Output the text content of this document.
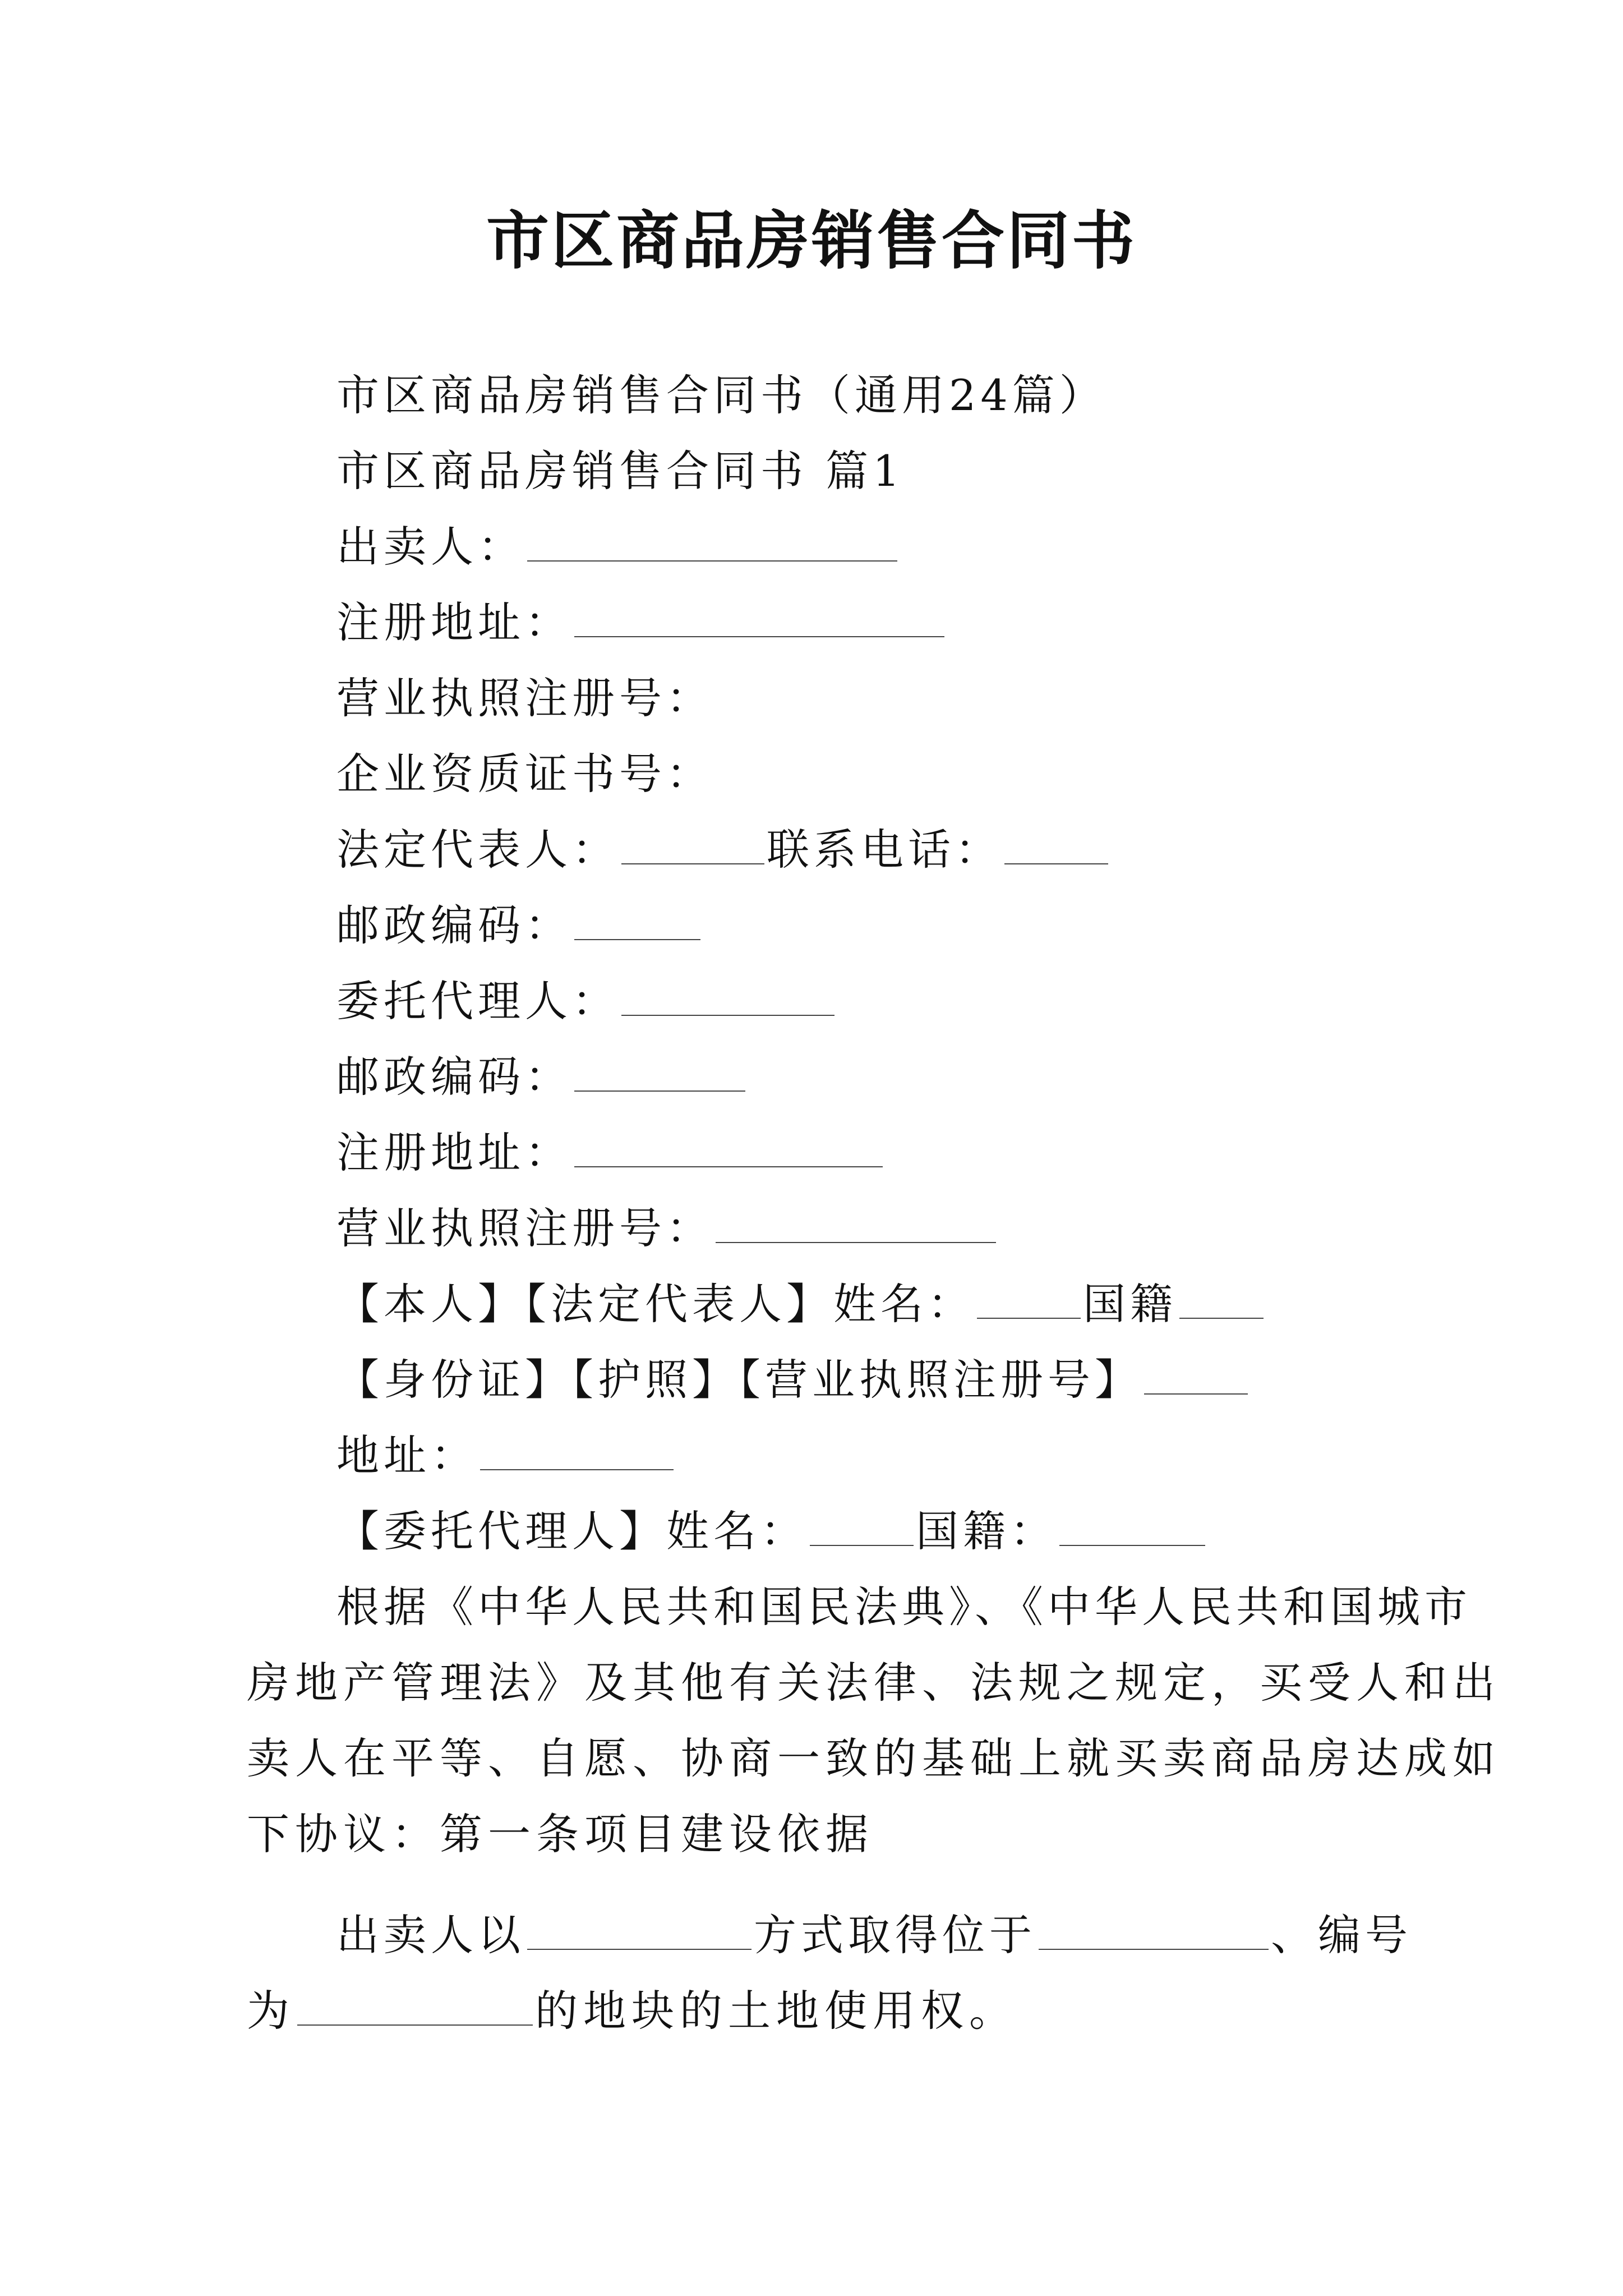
市区商品房销售合同书
市区商品房销售合同书（通用24篇）
市区商品房销售合同书 篇1
出卖人：
注册地址：
营业执照注册号：
企业资质证书号：
法定代表人：	联系电话：
邮政编码：
委托代理人：
邮政编码：
注册地址：
营业执照注册号：
【本人】【法定代表人】姓名：	国籍
【身份证】【护照】【营业执照注册号】
地址：
【委托代理人】姓名：	国籍：
根据《中华人民共和国民法典》、《中华人民共和国城市
房地产管理法》及其他有关法律、法规之规定，买受人和出
卖人在平等、自愿、协商一致的基础上就买卖商品房达成如
下协议：第一条项目建设依据
出卖人以	方式取得位于	、编号
为	的地块的土地使用权。
